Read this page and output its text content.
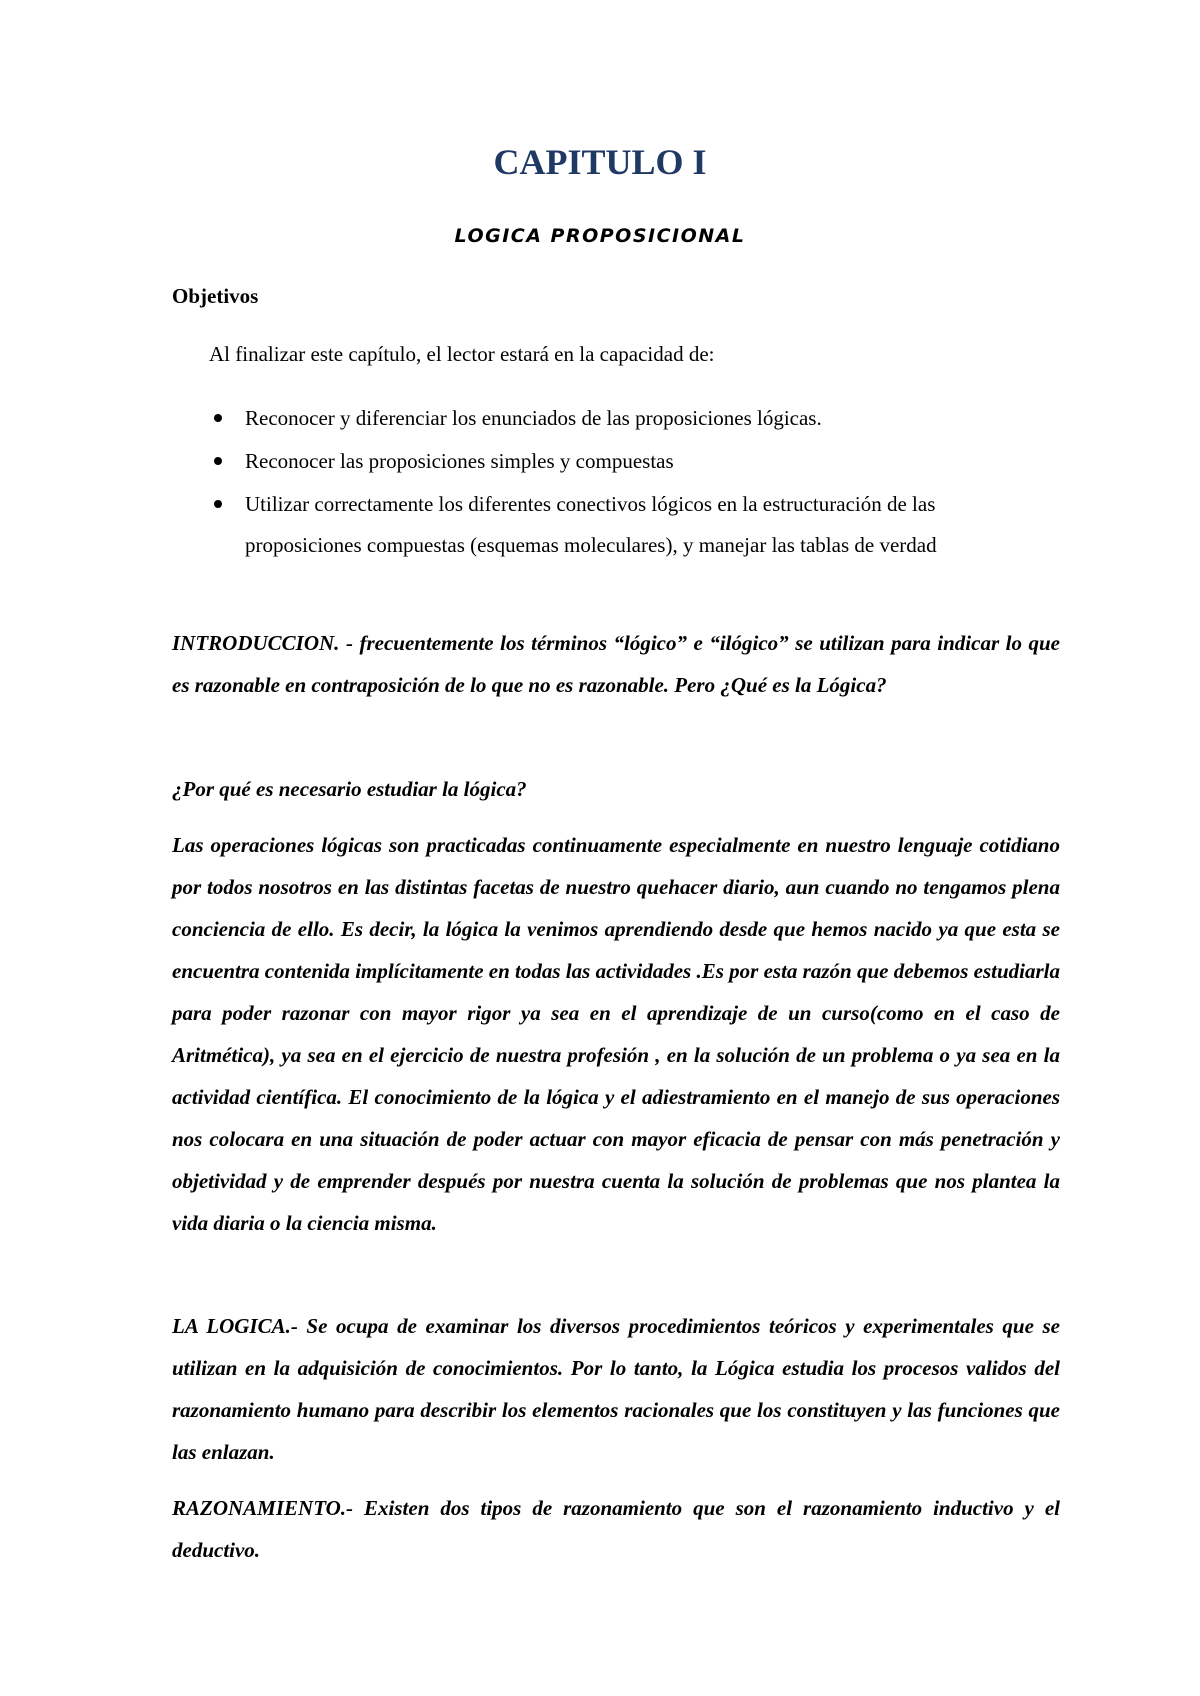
CAPITULO I
LOGICA PROPOSICIONAL
Objetivos

Al finalizar este capítulo, el lector estará en la capacidad de:

Reconocer y diferenciar los enunciados de las proposiciones lógicas.
Reconocer las proposiciones simples y compuestas
Utilizar correctamente los diferentes conectivos lógicos en la estructuración de las proposiciones compuestas (esquemas moleculares), y manejar las tablas de verdad

INTRODUCCION. - frecuentemente los términos “lógico” e “ilógico” se utilizan para indicar lo que es razonable en contraposición de lo que no es razonable. Pero ¿Qué es la Lógica?

¿Por qué es necesario estudiar la lógica?

Las operaciones lógicas son practicadas continuamente especialmente en nuestro lenguaje cotidiano por todos nosotros en las distintas facetas de nuestro quehacer diario, aun cuando no tengamos plena conciencia de ello. Es decir, la lógica la venimos aprendiendo desde que hemos nacido ya que esta se encuentra contenida implícitamente en todas las actividades .Es por esta razón que debemos estudiarla para poder razonar con mayor rigor ya sea en el aprendizaje de un curso(como en el caso de Aritmética), ya sea en el ejercicio de nuestra profesión , en la solución de un problema o ya sea en la actividad científica. El conocimiento de la lógica y el adiestramiento en el manejo de sus operaciones nos colocara en una situación de poder actuar con mayor eficacia de pensar con más penetración y objetividad y de emprender después por nuestra cuenta la solución de problemas que nos plantea la vida diaria o la ciencia misma.

LA LOGICA.- Se ocupa de examinar los diversos procedimientos teóricos y experimentales que se utilizan en la adquisición de conocimientos. Por lo tanto, la Lógica estudia los procesos validos del razonamiento humano para describir los elementos racionales que los constituyen y las funciones que las enlazan.

RAZONAMIENTO.- Existen dos tipos de razonamiento que son el razonamiento inductivo y el deductivo.
